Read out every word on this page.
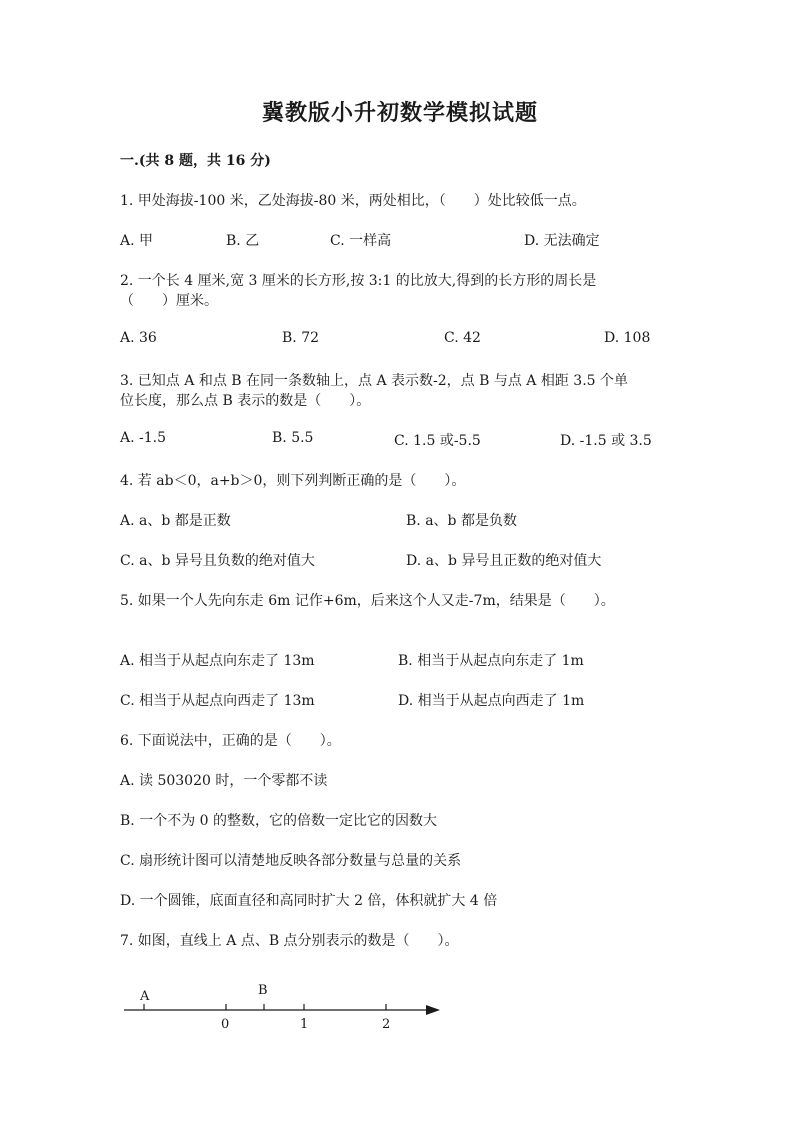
冀教版小升初数学模拟试题
一.(共 8 题，共 16 分)
1. 甲处海拔-100 米，乙处海拔-80 米，两处相比，（　　）处比较低一点。
A. 甲	B. 乙	C. 一样高	D. 无法确定
2. 一个长 4 厘米,宽 3 厘米的长方形,按 3:1 的比放大,得到的长方形的周长是
（　　）厘米。
A. 36	B. 72	C. 42	D. 108
3. 已知点 A 和点 B 在同一条数轴上，点 A 表示数-2，点 B 与点 A 相距 3.5 个单
位长度，那么点 B 表示的数是（　　）。
A. -1.5	B. 5.5	C. 1.5 或-5.5	D. -1.5 或 3.5
4. 若 ab＜0，a+b＞0，则下列判断正确的是（　　）。
A. a、b 都是正数	B. a、b 都是负数
C. a、b 异号且负数的绝对值大	D. a、b 异号且正数的绝对值大
5. 如果一个人先向东走 6m 记作+6m，后来这个人又走-7m，结果是（　　）。
A. 相当于从起点向东走了 13m	B. 相当于从起点向东走了 1m
C. 相当于从起点向西走了 13m	D. 相当于从起点向西走了 1m
6. 下面说法中，正确的是（　　）。
A. 读 503020 时，一个零都不读
B. 一个不为 0 的整数，它的倍数一定比它的因数大
C. 扇形统计图可以清楚地反映各部分数量与总量的关系
D. 一个圆锥，底面直径和高同时扩大 2 倍，体积就扩大 4 倍
7. 如图，直线上 A 点、B 点分别表示的数是（　　）。
A	B
0	1	2
